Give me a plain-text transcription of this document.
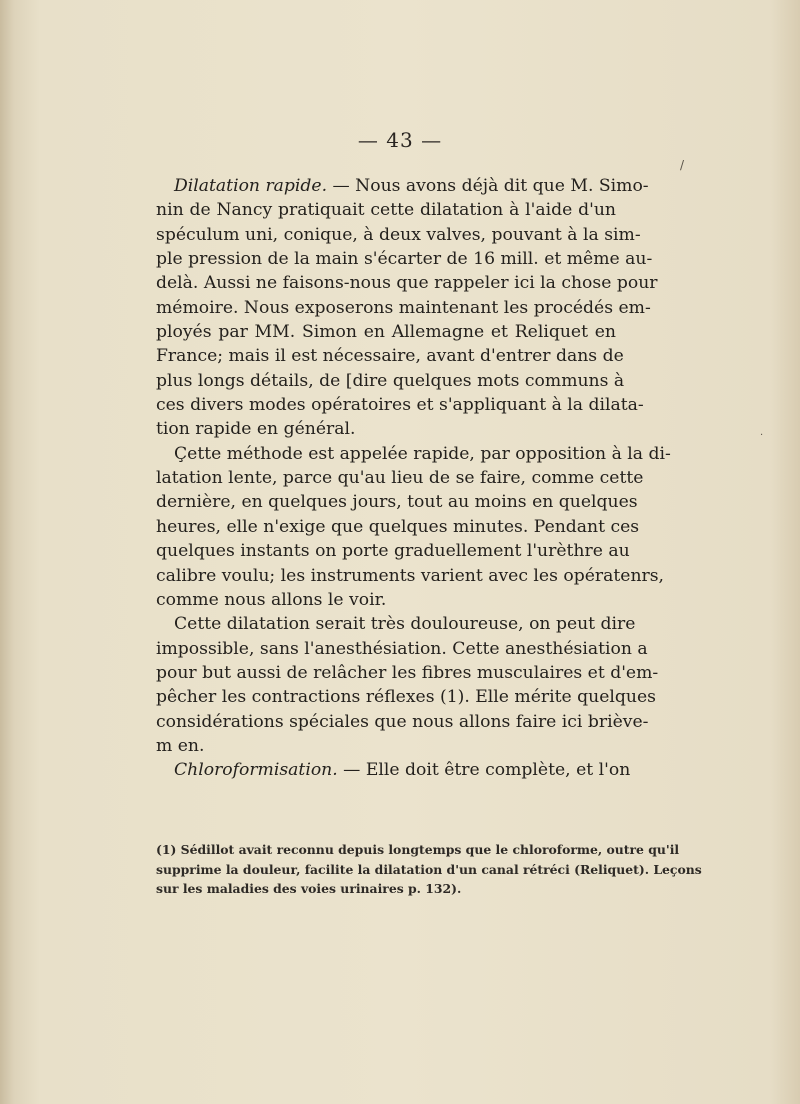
— 43 —
Dilatation rapide. — Nous avons déjà dit que M. Simo-
nin de Nancy pratiquait cette dilatation à l'aide d'un
spéculum uni, conique, à deux valves, pouvant à la sim-
ple pression de la main s'écarter de 16 mill. et même au-
delà. Aussi ne faisons-nous que rappeler ici la chose pour
mémoire. Nous exposerons maintenant les procédés em-
ployés par MM. Simon en Allemagne et Reliquet en
France; mais il est nécessaire, avant d'entrer dans de
plus longs détails, de [dire quelques mots communs à
ces divers modes opératoires et s'appliquant à la dilata-
tion rapide en général.
Çette méthode est appelée rapide, par opposition à la di-
latation lente, parce qu'au lieu de se faire, comme cette
dernière, en quelques jours, tout au moins en quelques
heures, elle n'exige que quelques minutes. Pendant ces
quelques instants on porte graduellement l'urèthre au
calibre voulu; les instruments varient avec les opératenrs,
comme nous allons le voir.
Cette dilatation serait très douloureuse, on peut dire
impossible, sans l'anesthésiation. Cette anesthésiation a
pour but aussi de relâcher les fibres musculaires et d'em-
pêcher les contractions réflexes (1). Elle mérite quelques
considérations spéciales que nous allons faire ici briève-
m en.
Chloroformisation. — Elle doit être complète, et l'on
(1) Sédillot avait reconnu depuis longtemps que le chloroforme, outre qu'il
supprime la douleur, facilite la dilatation d'un canal rétréci (Reliquet). Leçons
sur les maladies des voies urinaires p. 132).
/
·
